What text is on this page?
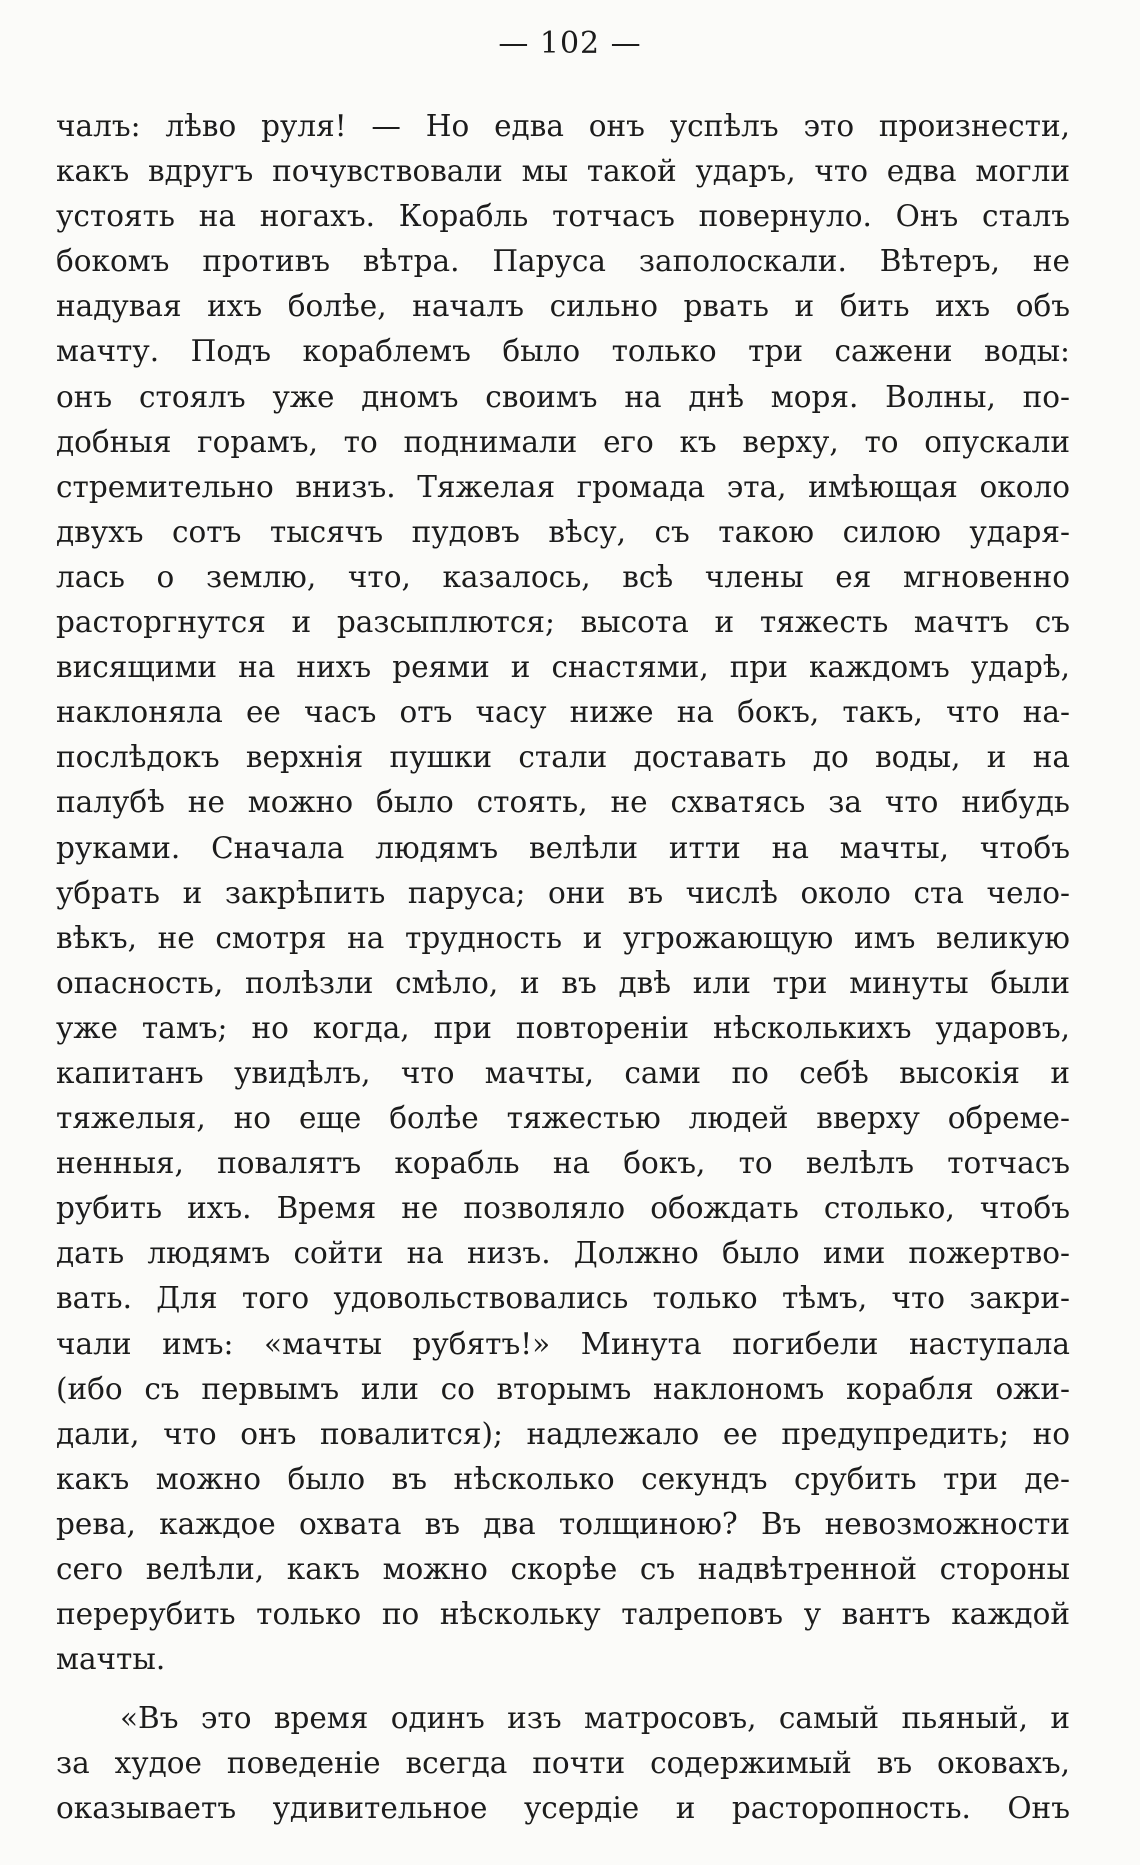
— 102 —
чалъ: лѣво руля! — Но едва онъ успѣлъ это произнести,
какъ вдругъ почувствовали мы такой ударъ, что едва могли
устоять на ногахъ. Корабль тотчасъ повернуло. Онъ сталъ
бокомъ противъ вѣтра. Паруса заполоскали. Вѣтеръ, не
надувая ихъ болѣе, началъ сильно рвать и бить ихъ объ
мачту. Подъ кораблемъ было только три сажени воды:
онъ стоялъ уже дномъ своимъ на днѣ моря. Волны, по-
добныя горамъ, то поднимали его къ верху, то опускали
стремительно внизъ. Тяжелая громада эта, имѣющая около
двухъ сотъ тысячъ пудовъ вѣсу, съ такою силою ударя-
лась о землю, что, казалось, всѣ члены ея мгновенно
расторгнутся и разсыплются; высота и тяжесть мачтъ съ
висящими на нихъ реями и снастями, при каждомъ ударѣ,
наклоняла ее часъ отъ часу ниже на бокъ, такъ, что на-
послѣдокъ верхнія пушки стали доставать до воды, и на
палубѣ не можно было стоять, не схватясь за что нибудь
руками. Сначала людямъ велѣли итти на мачты, чтобъ
убрать и закрѣпить паруса; они въ числѣ около ста чело-
вѣкъ, не смотря на трудность и угрожающую имъ великую
опасность, полѣзли смѣло, и въ двѣ или три минуты были
уже тамъ; но когда, при повтореніи нѣсколькихъ ударовъ,
капитанъ увидѣлъ, что мачты, сами по себѣ высокія и
тяжелыя, но еще болѣе тяжестью людей вверху обреме-
ненныя, повалятъ корабль на бокъ, то велѣлъ тотчасъ
рубить ихъ. Время не позволяло обождать столько, чтобъ
дать людямъ сойти на низъ. Должно было ими пожертво-
вать. Для того удовольствовались только тѣмъ, что закри-
чали имъ: «мачты рубятъ!» Минута погибели наступала
(ибо съ первымъ или со вторымъ наклономъ корабля ожи-
дали, что онъ повалится); надлежало ее предупредить; но
какъ можно было въ нѣсколько секундъ срубить три де-
рева, каждое охвата въ два толщиною? Въ невозможности
сего велѣли, какъ можно скорѣе съ надвѣтренной стороны
перерубить только по нѣскольку талреповъ у вантъ каждой
мачты.
«Въ это время одинъ изъ матросовъ, самый пьяный, и
за худое поведеніе всегда почти содержимый въ оковахъ,
оказываетъ удивительное усердіе и расторопность. Онъ
